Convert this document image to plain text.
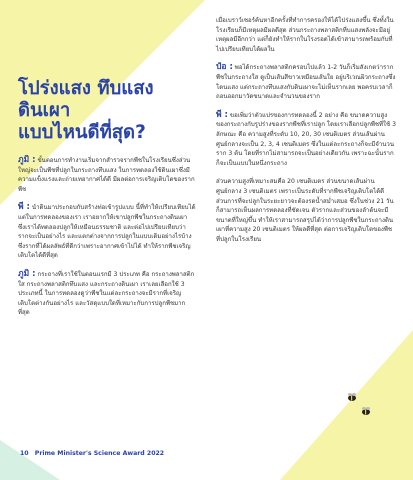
โปร่งแสง ทึบแสง
ดินเผา
แบบไหนดีที่สุด?

ภูมิ : ขั้นตอนการทำงานเริ่มจากสำรวจรากพืชในโรงเรียนซึ่งส่วนใหญ่จะเป็นพืชที่ปลูกในกระถางทึบแสง ในการทดลองใช้ดินเผาซึ่งมีความแข็งแรงและถ่ายเทอากาศได้ดี มีผลต่อการเจริญเติบโตของรากพืช

พี : นำดินมาประกอบกับสร้างท่อเข้ารูปแบบ นี้ที่ทำให้เปรียบเทียบได้ แต่ในการทดลองของเรา เราอยากให้เขาปลูกพืชในกระถางดินเผา ซึ่งเราได้ทดลองปลูกให้เหมือนธรรมชาติ และต่อไปเปรียบเทียบว่ารากจะเป็นอย่างไร และแตกต่างจากการปลูกในแบบเดิมอย่างไรบ้าง ซึ่งรากที่ได้ผลลัพธ์ที่ดีกว่าเพราะอากาศเข้าไปได้ ทำให้รากพืชเจริญเติบโตได้ดีที่สุด

ภูมิ : กระถางที่เราใช้ในตอนแรกมี 3 ประเภท คือ กระถางพลาสติกใส กระถางพลาสติกทึบแสง และกระถางดินเผา เราเลยเลือกใช้ 3 ประเภทนี้ ในการทดลองดูว่าพืชในแต่ละกระถางจะมีรากที่เจริญเติบโตต่างกันอย่างไร และวัสดุแบบใดที่เหมาะกับการปลูกพืชมากที่สุด

เมื่อเบราว์เซอร์ค้นหาอีกครั้งที่ทำการครองให้ได้โปร่งแสงขึ้น ซึ่งทั้งในโรงเรียนก็มีเหตุผลมีผลดีสุด ส่วนกระถางพลาสติกที่บแสงพลังจะมีอยู่เหตุผลมีอีกกว่า แต่ก็ยังทำให้รากในโรงรอดได้เข้าสามารถพร้อมกับที่ไปเปรียบเทียบได้ผลใน

ป๋อ : พอได้กระถางพลาสติกครอบไปแล้ว 1-2 วันก็เริ่มสังเกตว่ารากพืชในกระถางใส ดูเป็นเส้นสีขาวเหมือนเส้นใย อยู่บริเวณผิวกระถางซึ่งโดนแสง แต่กระถางทึบแสงกับดินเผาจะไม่เห็นรากเลย พอครบเวลาก็ถอนออกมาวัดขนาดและจำนวนของราก

พี : ขอเพิ่มว่าตัวแปรของการทดลองนี้ 2 อย่าง คือ ขนาดความสูงของกระถางกับรูปร่างของรากพืชที่เราปลูก โดยเราเลือกปลูกพืชที่ใช้ 3 ลักษณะ คือ ความสูงที่ระดับ 10, 20, 30 เซนติเมตร ส่วนเส้นผ่านศูนย์กลางจะเป็น 2, 3, 4 เซนติเมตร ซึ่งในแต่ละกระถางก็จะมีจำนวนราก 3 ต้น โดยที่รากไม่สามารถจะเป็นอย่างเดียวกัน เพราะฉะนั้นรากก็จะเป็นแบบในหนึ่งกระถาง

ส่วนความสูงที่เหมาะสมคือ 20 เซนติเมตร ส่วนขนาดเส้นผ่านศูนย์กลาง 3 เซนติเมตร เพราะเป็นระดับที่รากพืชเจริญเติบโตได้ดี ส่วนการที่จะปลูกในระยะยาวจะต้องรดน้ำสม่ำเสมอ ซึ่งในช่วง 21 วันก็สามารถเห็นผลการทดลองที่ชัดเจน ตัวรากและส่วนของลำต้นจะมีขนาดที่ใหญ่ขึ้น ทำให้เราสามารถสรุปได้ว่าการปลูกพืชในกระถางดินเผาที่ความสูง 20 เซนติเมตร ให้ผลดีที่สุด ต่อการเจริญเติบโตของพืชที่ปลูกในโรงเรียน

10 Prime Minister's Science Award 2022
